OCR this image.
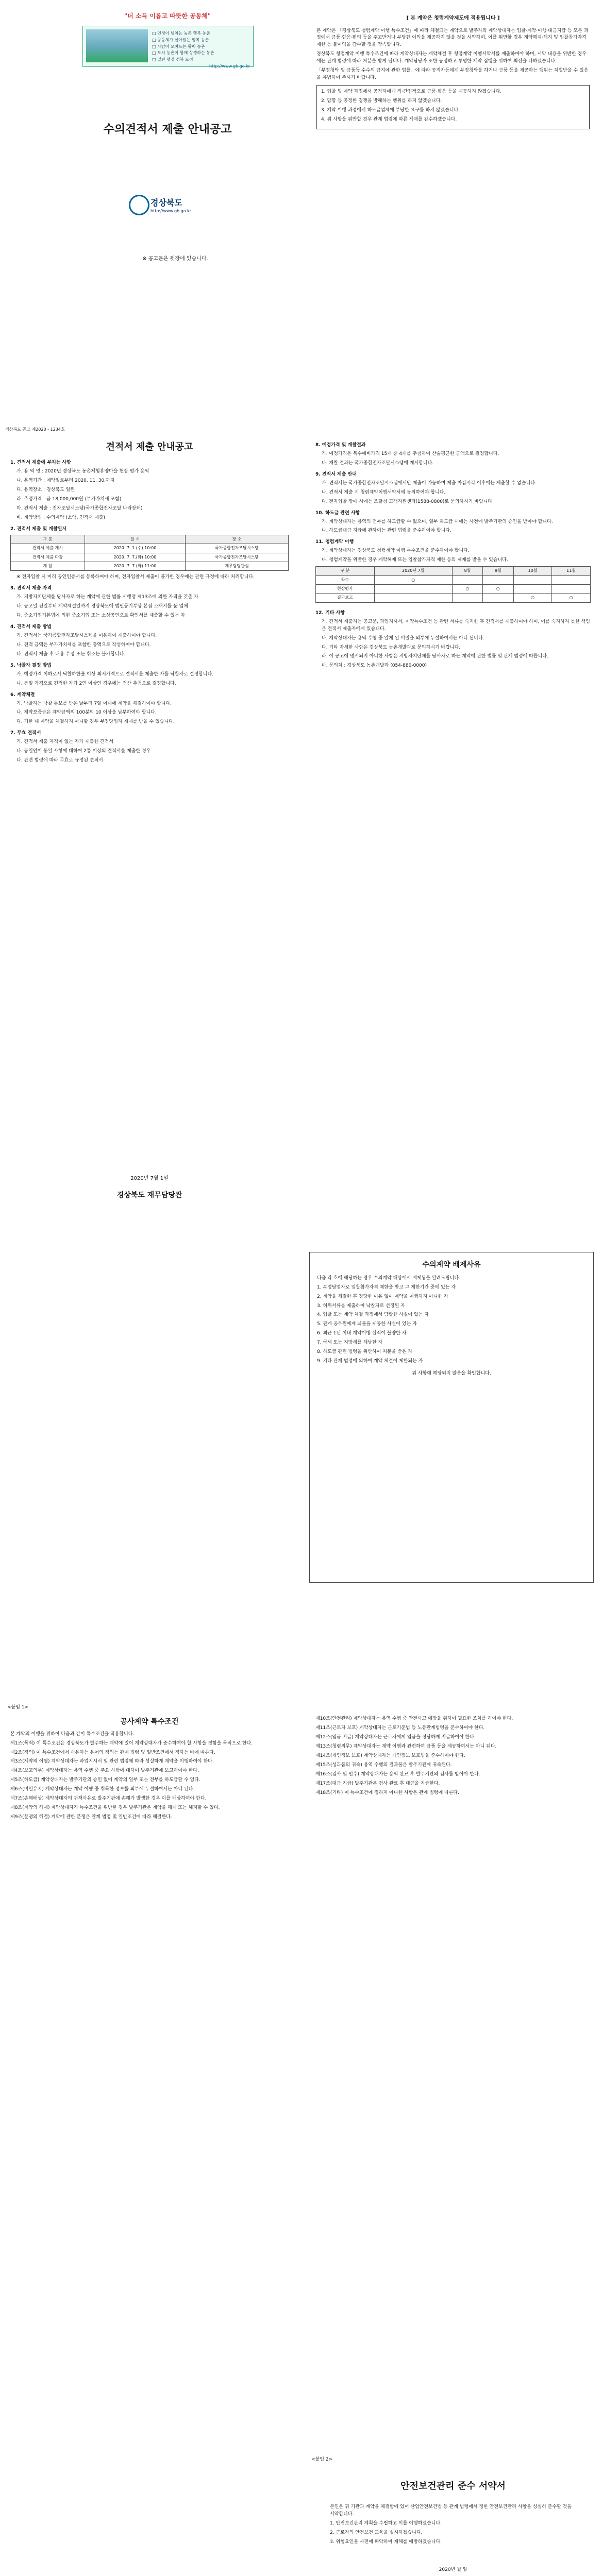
"더 소득 이롭고 따뜻한 공동체"
□ 인정이 넘치는 농촌 행복 농촌
□ 공동체가 살아있는 행복 농촌
□ 사람이 모여드는 활력 농촌
□ 도시 농촌이 함께 상생하는 농촌
□ 열린 행정 경북 도정
http://www.gb.go.kr
수의견적서 제출 안내공고
경상북도
http://www.gb.go.kr
※ 공고문은 뒷장에 있습니다.
[ 본 계약은 청렴계약제도에 적용됩니다 ]

본 계약은 「경상북도 청렴계약 이행 특수조건」에 따라 체결되는 계약으로 발주자와 계약상대자는 입찰·계약·이행·대금지급 등 모든 과정에서 금품·향응·편의 등을 주고받거나 부당한 이익을 제공하지 않을 것을 서약하며, 이를 위반할 경우 계약해제·해지 및 입찰참가자격 제한 등 불이익을 감수할 것을 약속합니다.

경상북도 청렴계약 이행 특수조건에 따라 계약상대자는 계약체결 후 청렴계약 이행서약서를 제출하여야 하며, 서약 내용을 위반한 경우에는 관계 법령에 따라 처분을 받게 됩니다. 계약담당자 또한 공정하고 투명한 계약 집행을 위하여 최선을 다하겠습니다.

「부정청탁 및 금품등 수수의 금지에 관한 법률」에 따라 공직자등에게 부정청탁을 하거나 금품 등을 제공하는 행위는 처벌받을 수 있음을 유념하여 주시기 바랍니다.

1. 입찰 및 계약 과정에서 공직자에게 직·간접적으로 금품·향응 등을 제공하지 않겠습니다.
2. 담합 등 공정한 경쟁을 방해하는 행위를 하지 않겠습니다.
3. 계약 이행 과정에서 하도급업체에 부당한 요구를 하지 않겠습니다.
4. 위 사항을 위반할 경우 관계 법령에 따른 제재를 감수하겠습니다.
경상북도 공고 제2020 - 1234호
견적서 제출 안내공고
1. 견적서 제출에 부치는 사항
가. 용 역 명 : 2020년 경상북도 농촌체험휴양마을 현장 평가 용역
나. 용역기간 : 계약일로부터 2020. 11. 30.까지
다. 용역장소 : 경상북도 일원
라. 추정가격 : 금 18,000,000원 (부가가치세 포함)
마. 견적서 제출 : 전자조달시스템(국가종합전자조달 나라장터)
바. 계약방법 : 수의계약 (소액, 견적서 제출)
2. 견적서 제출 및 개찰일시
구 분	일 시	장 소
견적서 제출 개시	2020. 7. 1.(수) 10:00	국가종합전자조달시스템
견적서 제출 마감	2020. 7. 7.(화) 10:00	국가종합전자조달시스템
개 찰	2020. 7. 7.(화) 11:00	재무담당관실
※ 전자입찰 시 미리 공인인증서를 등록하여야 하며, 전자입찰서 제출이 불가한 경우에는 관련 규정에 따라 처리합니다.
3. 견적서 제출 자격
가. 지방자치단체를 당사자로 하는 계약에 관한 법률 시행령 제13조에 의한 자격을 갖춘 자
나. 공고일 전일부터 계약체결일까지 경상북도에 법인등기부상 본점 소재지를 둔 업체
다. 중소기업기본법에 의한 중소기업 또는 소상공인으로 확인서를 제출할 수 있는 자
4. 견적서 제출 방법
가. 견적서는 국가종합전자조달시스템을 이용하여 제출하여야 합니다.
나. 견적 금액은 부가가치세를 포함한 총액으로 작성하여야 합니다.
다. 견적서 제출 후 내용 수정 또는 취소는 불가합니다.
5. 낙찰자 결정 방법
가. 예정가격 이하로서 낙찰하한율 이상 최저가격으로 견적서를 제출한 자를 낙찰자로 결정합니다.
나. 동일 가격으로 견적한 자가 2인 이상인 경우에는 전산 추첨으로 결정합니다.
6. 계약체결
가. 낙찰자는 낙찰 통보를 받은 날부터 7일 이내에 계약을 체결하여야 합니다.
나. 계약보증금은 계약금액의 100분의 10 이상을 납부하여야 합니다.
다. 기한 내 계약을 체결하지 아니할 경우 부정당업자 제재를 받을 수 있습니다.
7. 무효 견적서
가. 견적서 제출 자격이 없는 자가 제출한 견적서
나. 동일인이 동일 사항에 대하여 2통 이상의 견적서를 제출한 경우
다. 관련 법령에 따라 무효로 규정된 견적서
8. 예정가격 및 개찰결과
가. 예정가격은 복수예비가격 15개 중 4개를 추첨하여 산술평균한 금액으로 결정합니다.
나. 개찰 결과는 국가종합전자조달시스템에 게시합니다.
9. 견적서 제출 안내
가. 견적서는 국가종합전자조달시스템에서만 제출이 가능하며 제출 마감시각 이후에는 제출할 수 없습니다.
나. 견적서 제출 시 청렴계약이행서약서에 동의하여야 합니다.
다. 전자입찰 장애 시에는 조달청 고객지원센터(1588-0800)로 문의하시기 바랍니다.
10. 하도급 관련 사항
가. 계약상대자는 용역의 전부를 하도급할 수 없으며, 일부 하도급 시에는 사전에 발주기관의 승인을 받아야 합니다.
나. 하도급대금 지급에 관하여는 관련 법령을 준수하여야 합니다.
11. 청렴계약 이행
가. 계약상대자는 경상북도 청렴계약 이행 특수조건을 준수하여야 합니다.
나. 청렴계약을 위반한 경우 계약해제 또는 입찰참가자격 제한 등의 제재를 받을 수 있습니다.
구 분	2020년 7월	8월	9월	10월	11월
착수	○				
현장평가		○	○		
결과보고				○	○
12. 기타 사항
가. 견적서 제출자는 공고문, 과업지시서, 계약특수조건 등 관련 서류를 숙지한 후 견적서를 제출하여야 하며, 이를 숙지하지 못한 책임은 견적서 제출자에게 있습니다.
나. 계약상대자는 용역 수행 중 알게 된 비밀을 외부에 누설하여서는 아니 됩니다.
다. 기타 자세한 사항은 경상북도 농촌개발과로 문의하시기 바랍니다.
라. 이 공고에 명시되지 아니한 사항은 지방자치단체를 당사자로 하는 계약에 관한 법률 및 관계 법령에 따릅니다.
마. 문의처 : 경상북도 농촌개발과 (054-880-0000)
2020년 7월 1일
경상북도 재무담당관
수의계약 배제사유

다음 각 호에 해당하는 경우 수의계약 대상에서 배제됨을 알려드립니다.

1. 부정당업자로 입찰참가자격 제한을 받고 그 제한기간 중에 있는 자
2. 계약을 체결한 후 정당한 이유 없이 계약을 이행하지 아니한 자
3. 허위서류를 제출하여 낙찰자로 선정된 자
4. 입찰 또는 계약 체결 과정에서 담합한 사실이 있는 자
5. 관계 공무원에게 뇌물을 제공한 사실이 있는 자
6. 최근 1년 이내 계약이행 실적이 불량한 자
7. 국세 또는 지방세를 체납한 자
8. 하도급 관련 법령을 위반하여 처분을 받은 자
9. 기타 관계 법령에 의하여 계약 체결이 제한되는 자

위 사항에 해당되지 않음을 확인합니다.

<붙임 1>
공사계약 특수조건

본 계약의 이행을 위하여 다음과 같이 특수조건을 적용합니다.

제1조(목적) 이 특수조건은 경상북도가 발주하는 계약에 있어 계약상대자가 준수하여야 할 사항을 정함을 목적으로 한다.

제2조(정의) 이 특수조건에서 사용하는 용어의 정의는 관계 법령 및 일반조건에서 정하는 바에 따른다.

제3조(계약의 이행) 계약상대자는 과업지시서 및 관련 법령에 따라 성실하게 계약을 이행하여야 한다.

제4조(보고의무) 계약상대자는 용역 수행 중 주요 사항에 대하여 발주기관에 보고하여야 한다.

제5조(하도급) 계약상대자는 발주기관의 승인 없이 계약의 일부 또는 전부를 하도급할 수 없다.

제6조(비밀유지) 계약상대자는 계약 이행 중 취득한 정보를 외부에 누설하여서는 아니 된다.

제7조(손해배상) 계약상대자의 귀책사유로 발주기관에 손해가 발생한 경우 이를 배상하여야 한다.

제8조(계약의 해제) 계약상대자가 특수조건을 위반한 경우 발주기관은 계약을 해제 또는 해지할 수 있다.

제9조(분쟁의 해결) 계약에 관한 분쟁은 관계 법령 및 일반조건에 따라 해결한다.

제10조(안전관리) 계약상대자는 용역 수행 중 안전사고 예방을 위하여 필요한 조치를 하여야 한다.

제11조(근로자 보호) 계약상대자는 근로기준법 등 노동관계법령을 준수하여야 한다.

제12조(임금 지급) 계약상대자는 근로자에게 임금을 정당하게 지급하여야 한다.

제13조(청렴의무) 계약상대자는 계약 이행과 관련하여 금품 등을 제공하여서는 아니 된다.

제14조(개인정보 보호) 계약상대자는 개인정보 보호법을 준수하여야 한다.

제15조(성과품의 귀속) 용역 수행의 결과물은 발주기관에 귀속된다.

제16조(검사 및 인수) 계약상대자는 용역 완료 후 발주기관의 검사를 받아야 한다.

제17조(대금 지급) 발주기관은 검사 완료 후 대금을 지급한다.

제18조(기타) 이 특수조건에 정하지 아니한 사항은 관계 법령에 따른다.

<붙임 2>
안전보건관리 준수 서약서

본인은 귀 기관과 계약을 체결함에 있어 산업안전보건법 등 관계 법령에서 정한 안전보건관리 사항을 성실히 준수할 것을 서약합니다.

1. 안전보건관리 계획을 수립하고 이를 이행하겠습니다.
2. 근로자의 안전보건 교육을 실시하겠습니다.
3. 위험요인을 사전에 파악하여 재해를 예방하겠습니다.

2020년 월 일
